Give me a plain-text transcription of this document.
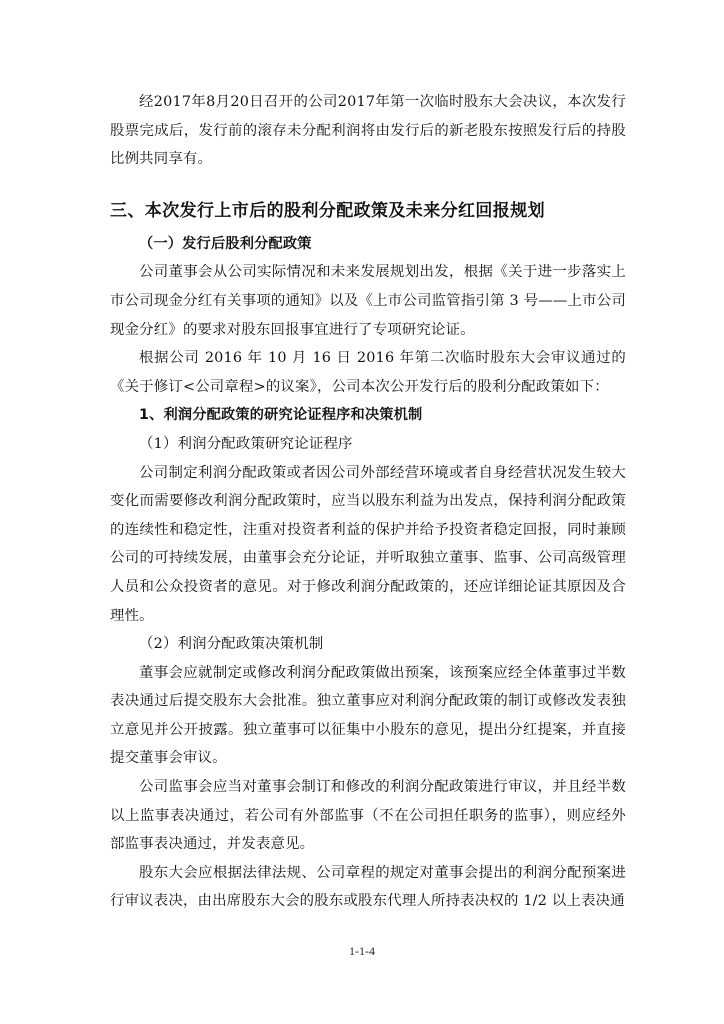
经2017年8月20日召开的公司2017年第一次临时股东大会决议，本次发行股票完成后，发行前的滚存未分配利润将由发行后的新老股东按照发行后的持股比例共同享有。

三、本次发行上市后的股利分配政策及未来分红回报规划

（一）发行后股利分配政策

公司董事会从公司实际情况和未来发展规划出发，根据《关于进一步落实上市公司现金分红有关事项的通知》以及《上市公司监管指引第 3 号——上市公司现金分红》的要求对股东回报事宜进行了专项研究论证。

根据公司 2016 年 10 月 16 日 2016 年第二次临时股东大会审议通过的《关于修订<公司章程>的议案》，公司本次公开发行后的股利分配政策如下：

1、利润分配政策的研究论证程序和决策机制

（1）利润分配政策研究论证程序

公司制定利润分配政策或者因公司外部经营环境或者自身经营状况发生较大变化而需要修改利润分配政策时，应当以股东利益为出发点，保持利润分配政策的连续性和稳定性，注重对投资者利益的保护并给予投资者稳定回报，同时兼顾公司的可持续发展，由董事会充分论证，并听取独立董事、监事、公司高级管理人员和公众投资者的意见。对于修改利润分配政策的，还应详细论证其原因及合理性。

（2）利润分配政策决策机制

董事会应就制定或修改利润分配政策做出预案，该预案应经全体董事过半数表决通过后提交股东大会批准。独立董事应对利润分配政策的制订或修改发表独立意见并公开披露。独立董事可以征集中小股东的意见，提出分红提案，并直接提交董事会审议。

公司监事会应当对董事会制订和修改的利润分配政策进行审议，并且经半数以上监事表决通过，若公司有外部监事（不在公司担任职务的监事），则应经外部监事表决通过，并发表意见。

股东大会应根据法律法规、公司章程的规定对董事会提出的利润分配预案进行审议表决，由出席股东大会的股东或股东代理人所持表决权的 1/2 以上表决通

1-1-4
